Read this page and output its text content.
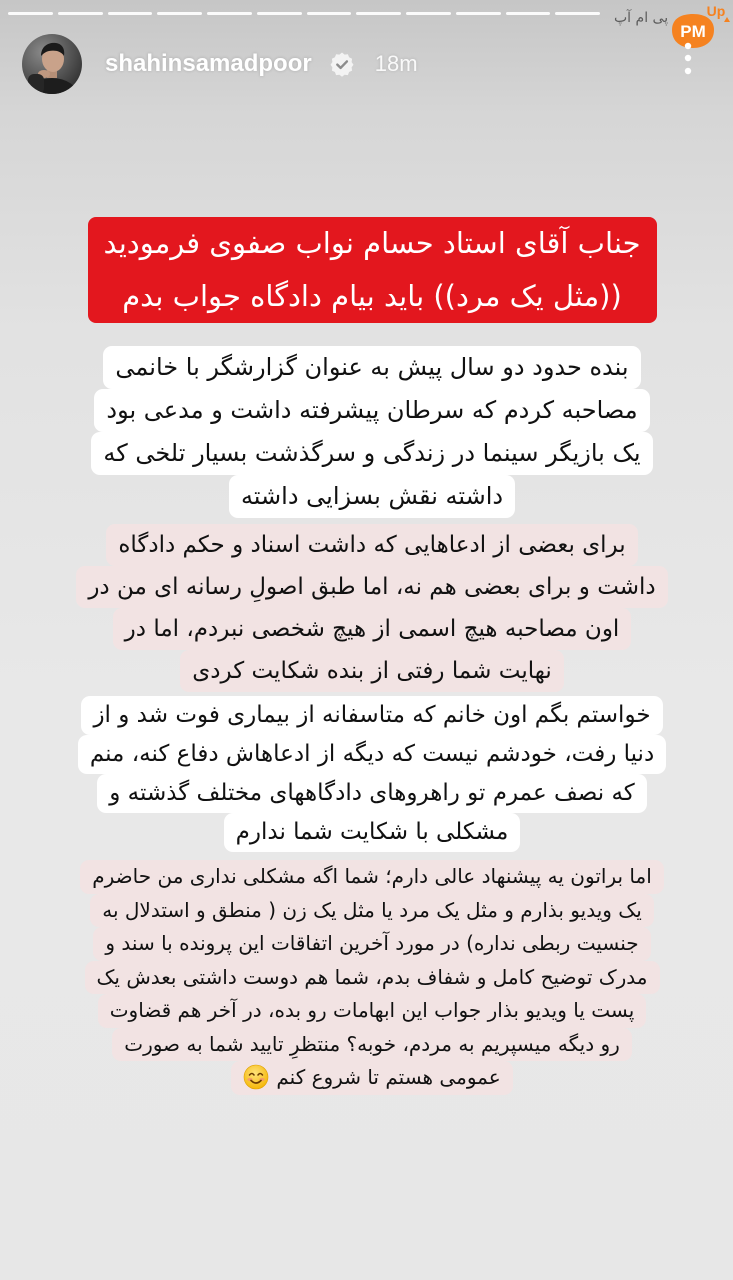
پی ام آپ
PM
Up
shahinsamadpoor	18m
جناب آقای استاد حسام نواب صفوی فرمودید
((مثل یک مرد)) باید بیام دادگاه جواب بدم
بنده حدود دو سال پیش به عنوان گزارشگر با خانمی
مصاحبه کردم که سرطان پیشرفته داشت و مدعی بود
یک بازیگر سینما در زندگی و سرگذشت بسیار تلخی که
داشته نقش بسزایی داشته
برای بعضی از ادعاهایی که داشت اسناد و حکم دادگاه
داشت و برای بعضی هم نه، اما طبق اصولِ رسانه ای من در
اون مصاحبه هیچ اسمی از هیچ شخصی نبردم، اما در
نهایت شما رفتی از بنده شکایت کردی
خواستم بگم اون خانم که متاسفانه از بیماری فوت شد و از
دنیا رفت، خودشم نیست که دیگه از ادعاهاش دفاع کنه، منم
که نصف عمرم تو راهروهای دادگاههای مختلف گذشته و
مشکلی با شکایت شما ندارم
اما براتون یه پیشنهاد عالی دارم؛ شما اگه مشکلی نداری من حاضرم
یک ویدیو بذارم و مثل یک مرد یا مثل یک زن ( منطق و استدلال به
جنسیت ربطی نداره) در مورد آخرین اتفاقات این پرونده با سند و
مدرک توضیح کامل و شفاف بدم، شما هم دوست داشتی بعدش یک
پست یا ویدیو بذار جواب این ابهامات رو بده، در آخر هم قضاوت
رو دیگه میسپریم به مردم، خوبه؟ منتظرِ تایید شما به صورت
عمومی هستم تا شروع کنم
